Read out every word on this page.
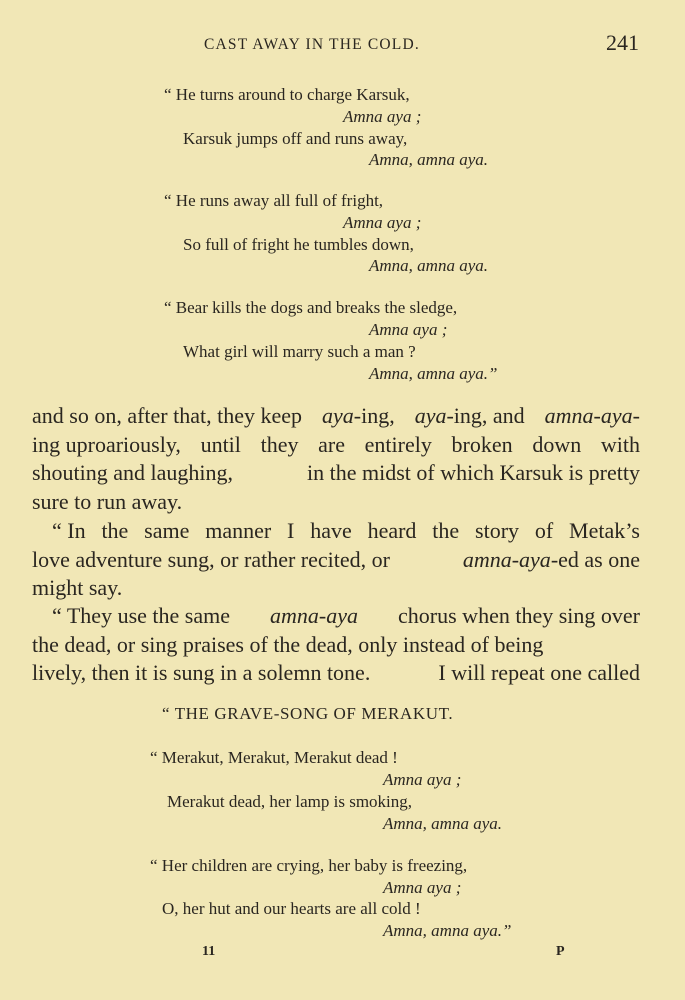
CAST AWAY IN THE COLD.	241
“ He turns around to charge Karsuk,
Amna aya ;
Karsuk jumps off and runs away,
Amna, amna aya.
“ He runs away all full of fright,
Amna aya ;
So full of fright he tumbles down,
Amna, amna aya.
“ Bear kills the dogs and breaks the sledge,
Amna aya ;
What girl will marry such a man ?
Amna, amna aya.”
and so on, after that, they keep aya-ing, aya-ing, and amna-aya-
ing uproariously, until they are entirely broken down with
shouting and laughing,	in the midst of which Karsuk is pretty
sure to run away.
“ In the same manner I have heard the story of Metak’s
love adventure sung, or rather recited, or	amna-aya-ed as one
might say.
“ They use the same amna-aya chorus when they sing over
the dead, or sing praises of the dead, only instead of being
lively, then it is sung in a solemn tone.	I will repeat one called
“ THE GRAVE-SONG OF MERAKUT.
“ Merakut, Merakut, Merakut dead !
Amna aya ;
Merakut dead, her lamp is smoking,
Amna, amna aya.
“ Her children are crying, her baby is freezing,
Amna aya ;
O, her hut and our hearts are all cold !
Amna, amna aya.”
11	P
